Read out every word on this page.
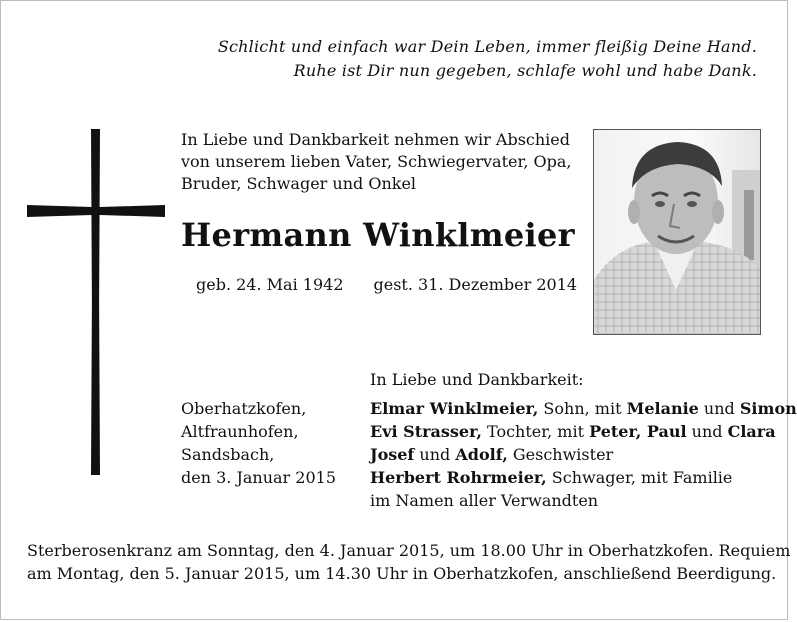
Schlicht und einfach war Dein Leben, immer fleißig Deine Hand.
Ruhe ist Dir nun gegeben, schlafe wohl und habe Dank.
In Liebe und Dankbarkeit nehmen wir Abschied
von unserem lieben Vater, Schwiegervater, Opa,
Bruder, Schwager und Onkel
Hermann Winklmeier
geb. 24. Mai 1942 gest. 31. Dezember 2014
In Liebe und Dankbarkeit:
Oberhatzkofen,
Altfraunhofen,
Sandsbach,
den 3. Januar 2015
Elmar Winklmeier, Sohn, mit Melanie und Simon
Evi Strasser, Tochter, mit Peter, Paul und Clara
Josef und Adolf, Geschwister
Herbert Rohrmeier, Schwager, mit Familie
im Namen aller Verwandten
Sterberosenkranz am Sonntag, den 4. Januar 2015, um 18.00 Uhr in Oberhatzkofen. Requiem
am Montag, den 5. Januar 2015, um 14.30 Uhr in Oberhatzkofen, anschließend Beerdigung.
